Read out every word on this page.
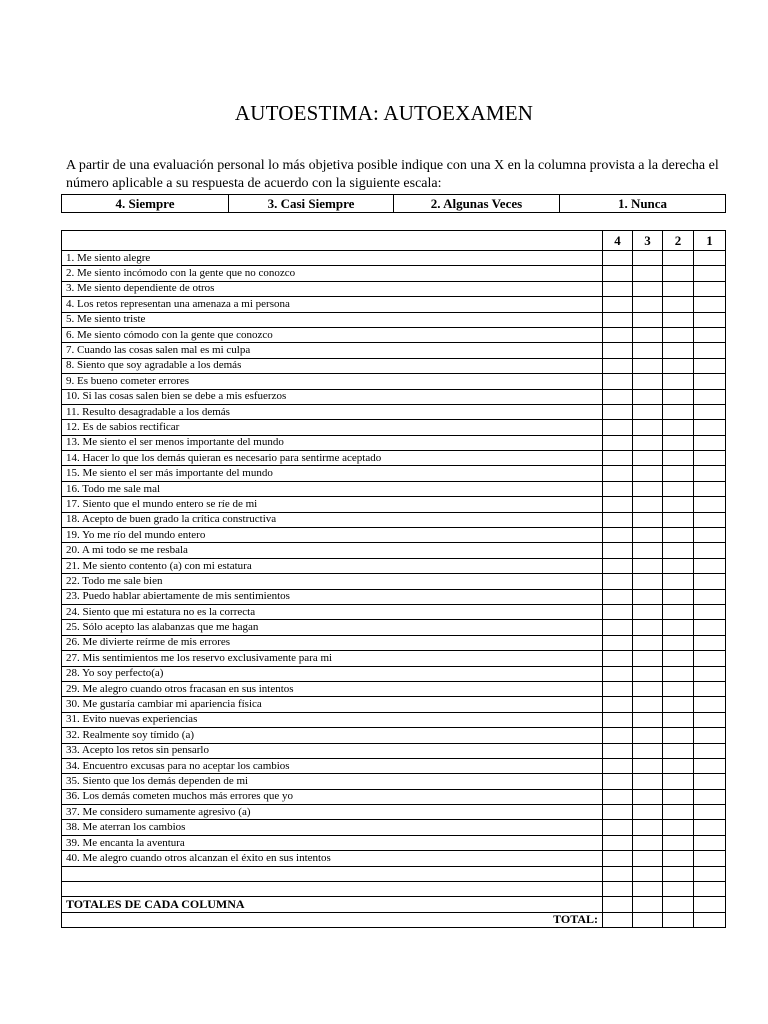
AUTOESTIMA: AUTOEXAMEN
A partir de una evaluación personal lo más objetiva posible indique con una X en la columna provista a la derecha el número aplicable a su respuesta de acuerdo con la siguiente escala:
4. Siempre	3. Casi Siempre	2. Algunas Veces	1. Nunca
	4	3	2	1
1. Me siento alegre				
2. Me siento incómodo con la gente que no conozco				
3. Me siento dependiente de otros				
4. Los retos representan una amenaza a mi persona				
5. Me siento triste				
6. Me siento cómodo con la gente que conozco				
7. Cuando las cosas salen mal es mi culpa				
8. Siento que soy agradable a los demás				
9. Es bueno cometer errores				
10. Si las cosas salen bien se debe a mis esfuerzos				
11. Resulto desagradable a los demás				
12. Es de sabios rectificar				
13. Me siento el ser menos importante del mundo				
14. Hacer lo que los demás quieran es necesario para sentirme aceptado				
15. Me siento el ser más importante del mundo				
16. Todo me sale mal				
17. Siento que el mundo entero se ríe de mi				
18. Acepto de buen grado la crítica constructiva				
19. Yo me río del mundo entero				
20. A mi todo se me resbala				
21. Me siento contento (a) con mi estatura				
22. Todo me sale bien				
23. Puedo hablar abiertamente de mis sentimientos				
24. Siento que mi estatura no es la correcta				
25. Sólo acepto las alabanzas que me hagan				
26. Me divierte reírme de mis errores				
27. Mis sentimientos me los reservo exclusivamente para mi				
28. Yo soy perfecto(a)				
29. Me alegro cuando otros fracasan en sus intentos				
30. Me gustaría cambiar mi apariencia física				
31. Evito nuevas experiencias				
32. Realmente soy tímido (a)				
33. Acepto los retos sin pensarlo				
34. Encuentro excusas para no aceptar los cambios				
35. Siento que los demás dependen de mi				
36. Los demás cometen muchos más errores que yo				
37. Me considero sumamente agresivo (a)				
38. Me aterran los cambios				
39. Me encanta la aventura				
40. Me alegro cuando otros alcanzan el éxito en sus intentos				

TOTALES DE CADA COLUMNA				
TOTAL:				
